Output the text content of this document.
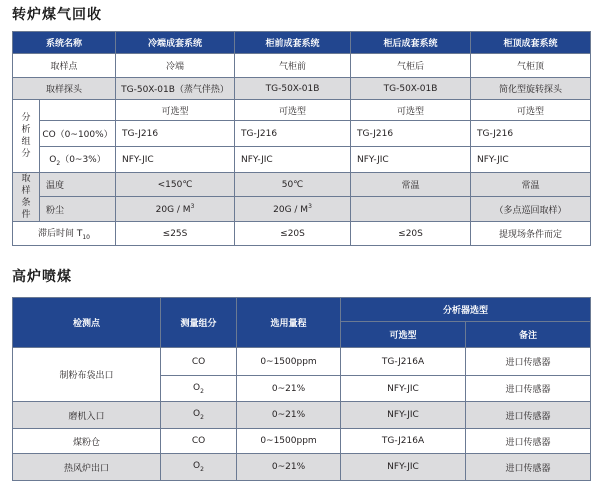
转炉煤气回收
系统名称		冷端成套系统	柜前成套系统	柜后成套系统	柜顶成套系统
取样点		冷端	气柜前	气柜后	气柜顶
取样探头		TG-50X-01B（蒸气伴热）	TG-50X-01B	TG-50X-01B	简化型旋转探头

分
析
组
分		可选型	可选型	可选型	可选型
	CO（0~100%）	TG-J216	TG-J216	TG-J216	TG-J216
	$O_2(0\sim 3\%)$	NFY-JIC	NFY-JIC	NFY-JIC	NFY-JIC

取
样
条
件	温度	<150℃	50℃	常温	常温
	粉尘	$20G / M^3$	$20G / M^3$		（多点巡回取样）
滞后时间 $T_{10}$		≤25S	≤20S	≤20S	提现场条件而定
高炉喷煤
检测点	测量组分	选用量程	分析器选型	
			可选型	备注
制粉布袋出口	CO	0~1500ppm	TG-J216A	进口传感器
	$O_2$	0~21%	NFY-JIC	进口传感器
磨机入口	$O_2$	0~21%	NFY-JIC	进口传感器
煤粉仓	CO	0~1500ppm	TG-J216A	进口传感器
热风炉出口	$O_2$	0~21%	NFY-JIC	进口传感器
